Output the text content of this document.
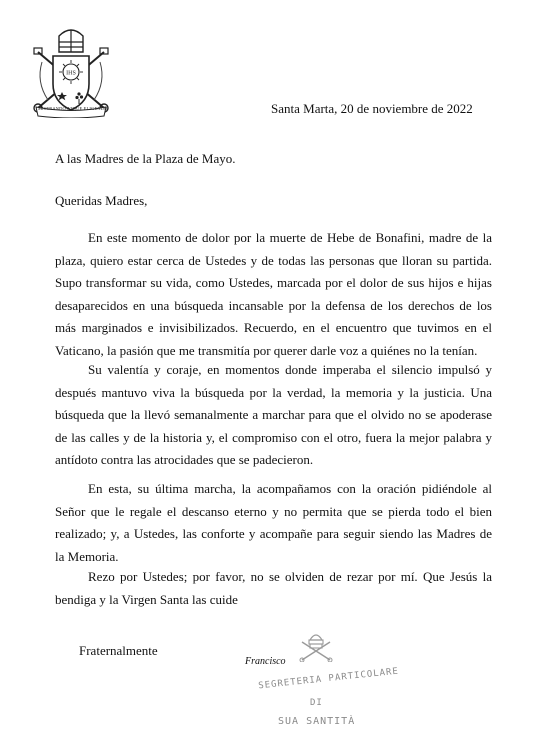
IHS
MISERANDO ATQUE ELIGENDO	Santa Marta, 20 de noviembre de 2022
A las Madres de la Plaza de Mayo.
Queridas Madres,
En este momento de dolor por la muerte de Hebe de Bonafini, madre de la
plaza, quiero estar cerca de Ustedes y de todas las personas que lloran su partida.
Supo transformar su vida, como Ustedes, marcada por el dolor de sus hijos e hijas
desaparecidos en una búsqueda incansable por la defensa de los derechos de los
más marginados e invisibilizados. Recuerdo, en el encuentro que tuvimos en el
Vaticano, la pasión que me transmitía por querer darle voz a quiénes no la tenían.
Su valentía y coraje, en momentos donde imperaba el silencio impulsó y
después mantuvo viva la búsqueda por la verdad, la memoria y la justicia. Una
búsqueda que la llevó semanalmente a marchar para que el olvido no se apoderase
de las calles y de la historia y, el compromiso con el otro, fuera la mejor palabra y
antídoto contra las atrocidades que se padecieron.
En esta, su última marcha, la acompañamos con la oración pidiéndole al
Señor que le regale el descanso eterno y no permita que se pierda todo el bien
realizado; y, a Ustedes, las conforte y acompañe para seguir siendo las Madres de
la Memoria.
Rezo por Ustedes; por favor, no se olviden de rezar por mí. Que Jesús la
bendiga y la Virgen Santa las cuide
Fraternalmente
SEGRETERIA PARTICOLARE
DI
SUA SANTITÀ
Francisco
